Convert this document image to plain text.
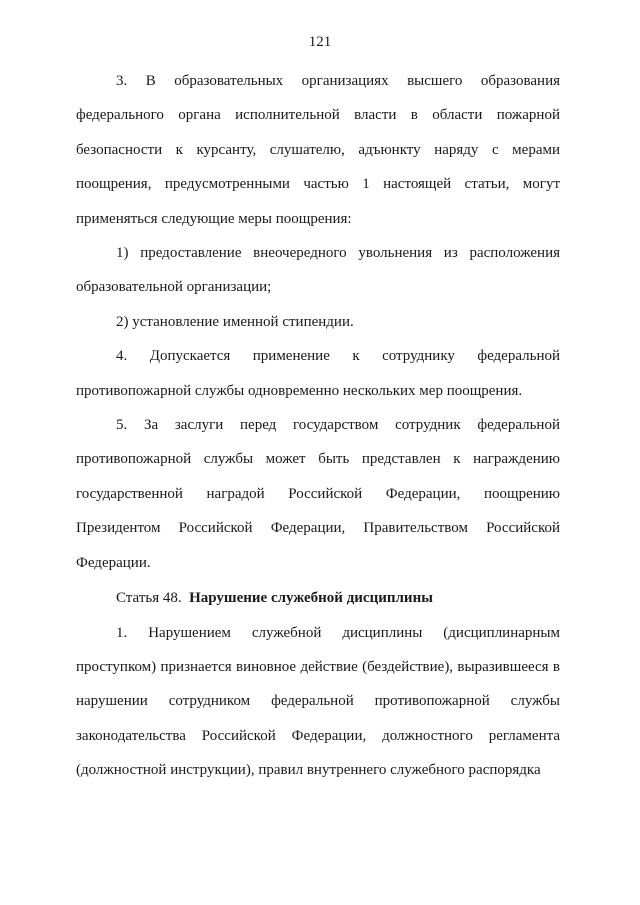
121

3. В образовательных организациях высшего образования федерального органа исполнительной власти в области пожарной безопасности к курсанту, слушателю, адъюнкту наряду с мерами поощрения, предусмотренными частью 1 настоящей статьи, могут применяться следующие меры поощрения:

1) предоставление внеочередного увольнения из расположения образовательной организации;

2) установление именной стипендии.

4. Допускается применение к сотруднику федеральной противопожарной службы одновременно нескольких мер поощрения.

5. За заслуги перед государством сотрудник федеральной противопожарной службы может быть представлен к награждению государственной наградой Российской Федерации, поощрению Президентом Российской Федерации, Правительством Российской Федерации.

Статья 48. Нарушение служебной дисциплины

1. Нарушением служебной дисциплины (дисциплинарным проступком) признается виновное действие (бездействие), выразившееся в нарушении сотрудником федеральной противопожарной службы законодательства Российской Федерации, должностного регламента (должностной инструкции), правил внутреннего служебного распорядка
